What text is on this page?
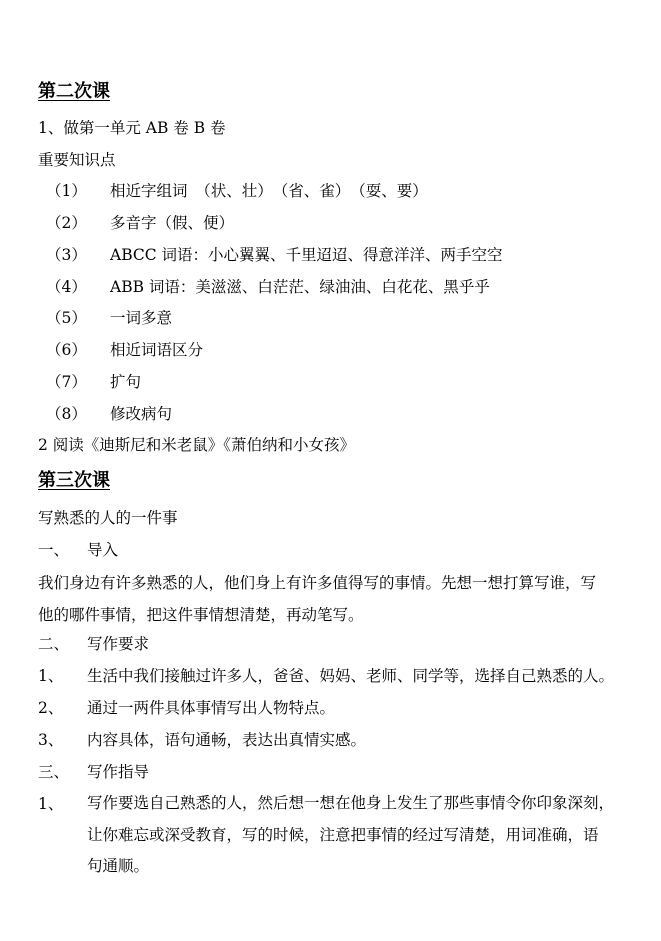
第二次课
1、做第一单元 AB 卷 B 卷
重要知识点
（1） 相近字组词　（状、壮）　（省、雀）　（耍、要）
（2） 多音字（假、便）
（3） ABCC 词语：小心翼翼、千里迢迢、得意洋洋、两手空空
（4） ABB 词语：美滋滋、白茫茫、绿油油、白花花、黑乎乎
（5） 一词多意
（6） 相近词语区分
（7） 扩句
（8） 修改病句
2 阅读《迪斯尼和米老鼠》《萧伯纳和小女孩》
第三次课
写熟悉的人的一件事
一、 导入
我们身边有许多熟悉的人，他们身上有许多值得写的事情。先想一想打算写谁，写
他的哪件事情，把这件事情想清楚，再动笔写。
二、 写作要求
1、 生活中我们接触过许多人，爸爸、妈妈、老师、同学等，选择自己熟悉的人。
2、 通过一两件具体事情写出人物特点。
3、 内容具体，语句通畅，表达出真情实感。
三、 写作指导
1、 写作要选自己熟悉的人，然后想一想在他身上发生了那些事情令你印象深刻，
让你难忘或深受教育，写的时候，注意把事情的经过写清楚，用词准确，语
句通顺。
